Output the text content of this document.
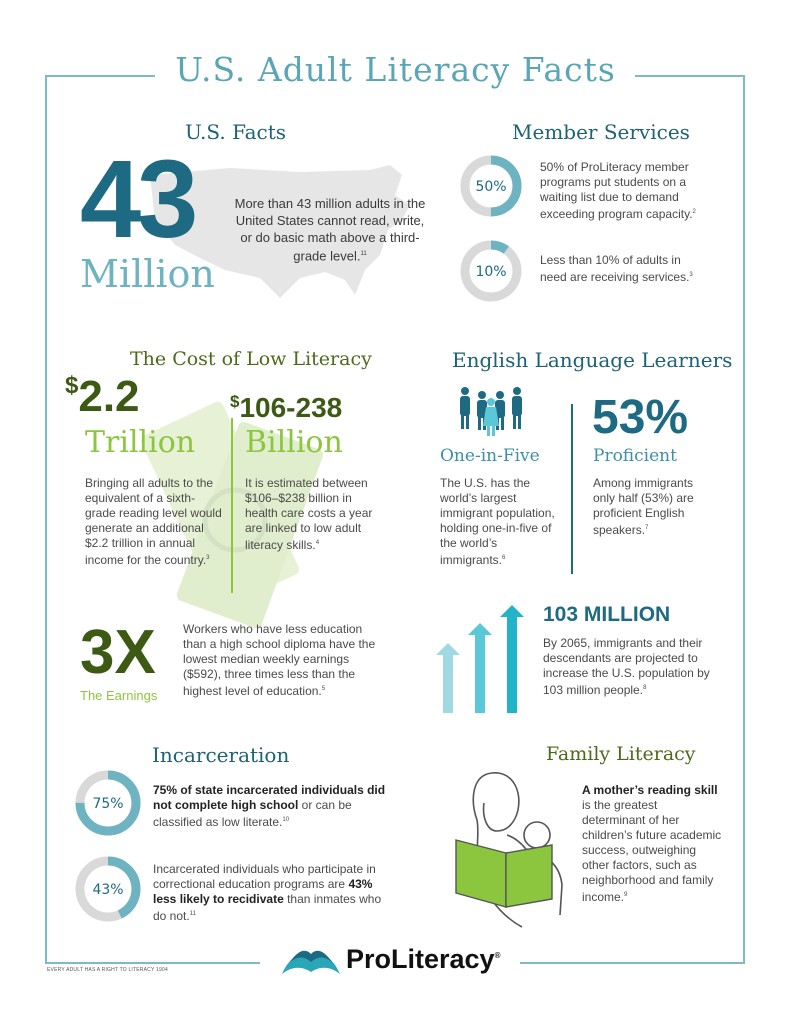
U.S. Adult Literacy Facts
U.S. Facts
43
Million
More than 43 million adults in the United States cannot read, write, or do basic math above a third-grade level.$^{11}$
Member Services
50%
50% of ProLiteracy member programs put students on a waiting list due to demand exceeding program capacity.$^2$
10%
Less than 10% of adults in need are receiving services.$^3$
The Cost of Low Literacy
$2.2
Trillion
Bringing all adults to the equivalent of a sixth-grade reading level would generate an additional $2.2 trillion in annual income for the country.$^3$
$106-238
Billion
It is estimated between $106–$238 billion in health care costs a year are linked to low adult literacy skills.$^4$
3X
The Earnings
Workers who have less education than a high school diploma have the lowest median weekly earnings ($592), three times less than the highest level of education.$^5$
English Language Learners
One-in-Five
The U.S. has the world’s largest immigrant population, holding one-in-five of the world’s immigrants.$^6$
53%
Proficient
Among immigrants only half (53%) are proficient English speakers.$^7$
103 MILLION
By 2065, immigrants and their descendants are projected to increase the U.S. population by 103 million people.$^8$
Incarceration
75%
75% of state incarcerated individuals did not complete high school or can be classified as low literate.$^{10}$
43%
Incarcerated individuals who participate in correctional education programs are 43% less likely to recidivate than inmates who do not.$^{11}$
Family Literacy
A mother’s reading skill is the greatest determinant of her children’s future academic success, outweighing other factors, such as neighborhood and family income.$^9$
EVERY ADULT HAS A RIGHT TO LITERACY 1904	ProLiteracy®
